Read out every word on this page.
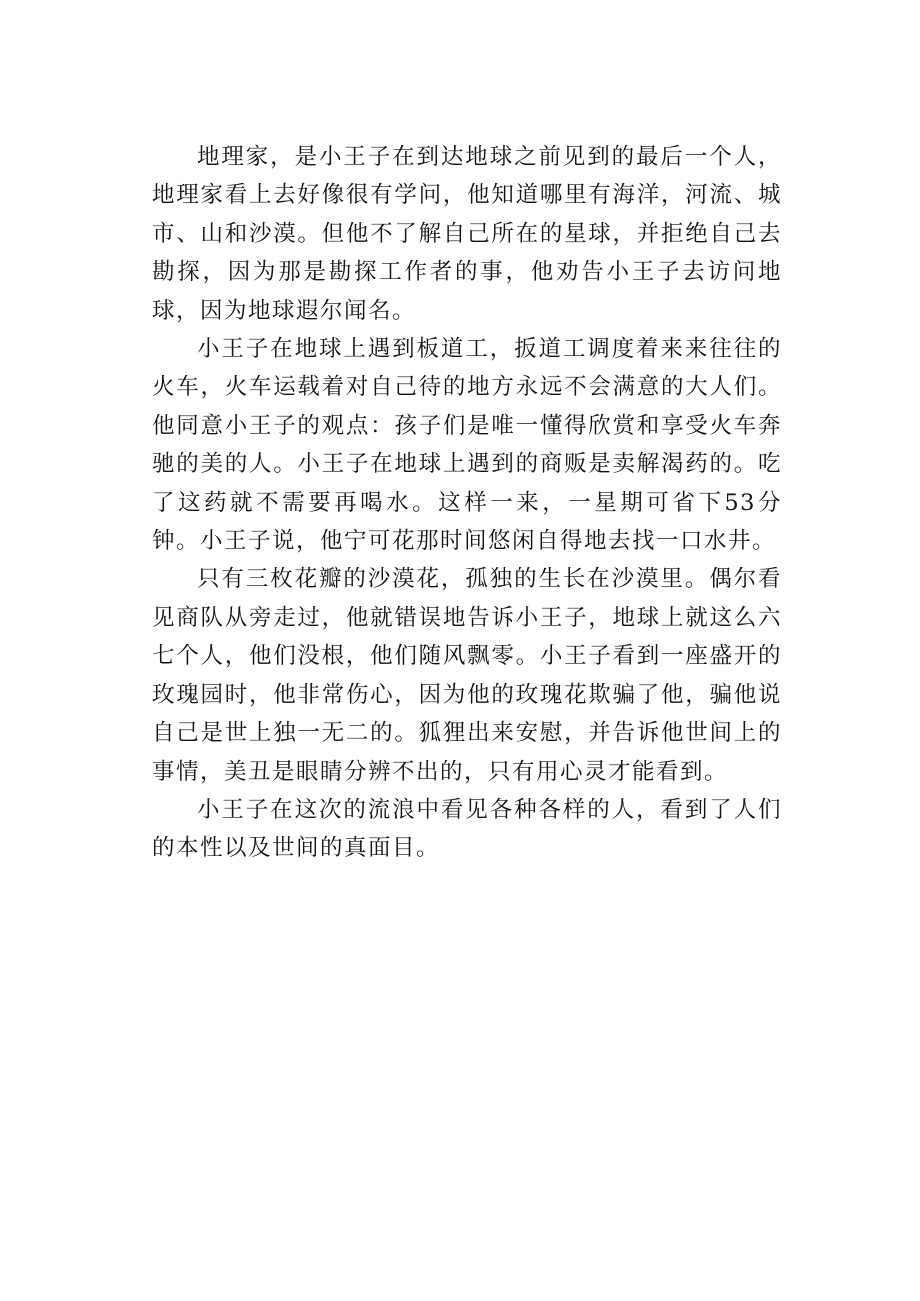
地理家，是小王子在到达地球之前见到的最后一个人，地理家看上去好像很有学问，他知道哪里有海洋，河流、城市、山和沙漠。但他不了解自己所在的星球，并拒绝自己去勘探，因为那是勘探工作者的事，他劝告小王子去访问地球，因为地球遐尔闻名。

小王子在地球上遇到板道工，扳道工调度着来来往往的火车，火车运载着对自己待的地方永远不会满意的大人们。他同意小王子的观点：孩子们是唯一懂得欣赏和享受火车奔驰的美的人。小王子在地球上遇到的商贩是卖解渴药的。吃了这药就不需要再喝水。这样一来，一星期可省下53分钟。小王子说，他宁可花那时间悠闲自得地去找一口水井。

只有三枚花瓣的沙漠花，孤独的生长在沙漠里。偶尔看见商队从旁走过，他就错误地告诉小王子，地球上就这么六七个人，他们没根，他们随风飘零。小王子看到一座盛开的玫瑰园时，他非常伤心，因为他的玫瑰花欺骗了他，骗他说自己是世上独一无二的。狐狸出来安慰，并告诉他世间上的事情，美丑是眼睛分辨不出的，只有用心灵才能看到。

小王子在这次的流浪中看见各种各样的人，看到了人们的本性以及世间的真面目。
